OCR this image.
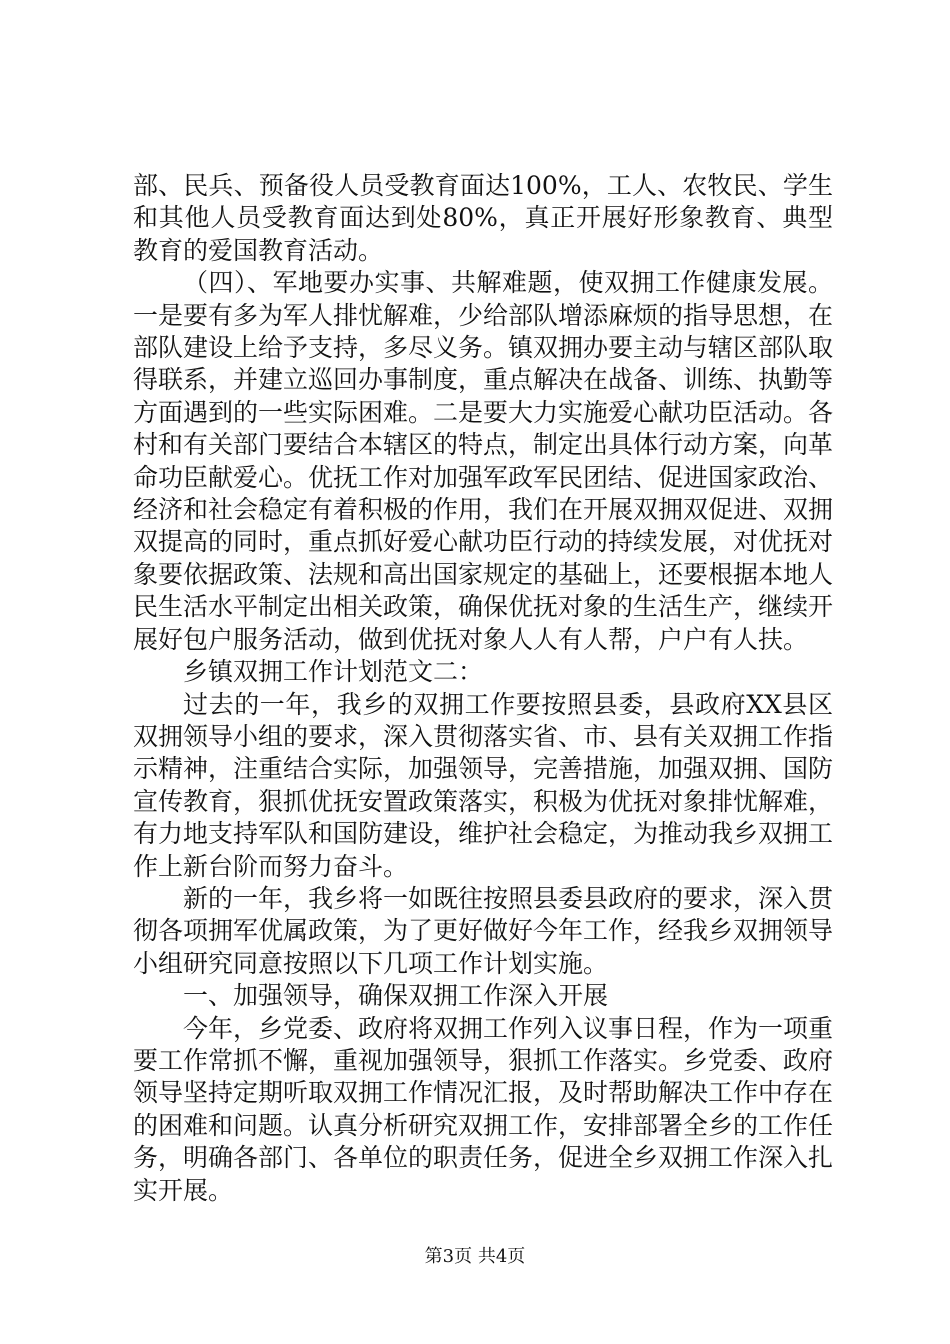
部、民兵、预备役人员受教育面达100%，工人、农牧民、学生和其他人员受教育面达到处80%，真正开展好形象教育、典型教育的爱国教育活动。

（四）、军地要办实事、共解难题，使双拥工作健康发展。一是要有多为军人排忧解难，少给部队增添麻烦的指导思想，在部队建设上给予支持，多尽义务。镇双拥办要主动与辖区部队取得联系，并建立巡回办事制度，重点解决在战备、训练、执勤等方面遇到的一些实际困难。二是要大力实施爱心献功臣活动。各村和有关部门要结合本辖区的特点，制定出具体行动方案，向革命功臣献爱心。优抚工作对加强军政军民团结、促进国家政治、经济和社会稳定有着积极的作用，我们在开展双拥双促进、双拥双提高的同时，重点抓好爱心献功臣行动的持续发展，对优抚对象要依据政策、法规和高出国家规定的基础上，还要根据本地人民生活水平制定出相关政策，确保优抚对象的生活生产，继续开展好包户服务活动，做到优抚对象人人有人帮，户户有人扶。

乡镇双拥工作计划范文二：

过去的一年，我乡的双拥工作要按照县委，县政府XX县区双拥领导小组的要求，深入贯彻落实省、市、县有关双拥工作指示精神，注重结合实际，加强领导，完善措施，加强双拥、国防宣传教育，狠抓优抚安置政策落实，积极为优抚对象排忧解难，有力地支持军队和国防建设，维护社会稳定，为推动我乡双拥工作上新台阶而努力奋斗。

新的一年，我乡将一如既往按照县委县政府的要求，深入贯彻各项拥军优属政策，为了更好做好今年工作，经我乡双拥领导小组研究同意按照以下几项工作计划实施。

一、加强领导，确保双拥工作深入开展

今年，乡党委、政府将双拥工作列入议事日程，作为一项重要工作常抓不懈，重视加强领导，狠抓工作落实。乡党委、政府领导坚持定期听取双拥工作情况汇报，及时帮助解决工作中存在的困难和问题。认真分析研究双拥工作，安排部署全乡的工作任务，明确各部门、各单位的职责任务，促进全乡双拥工作深入扎实开展。

第3页 共4页
